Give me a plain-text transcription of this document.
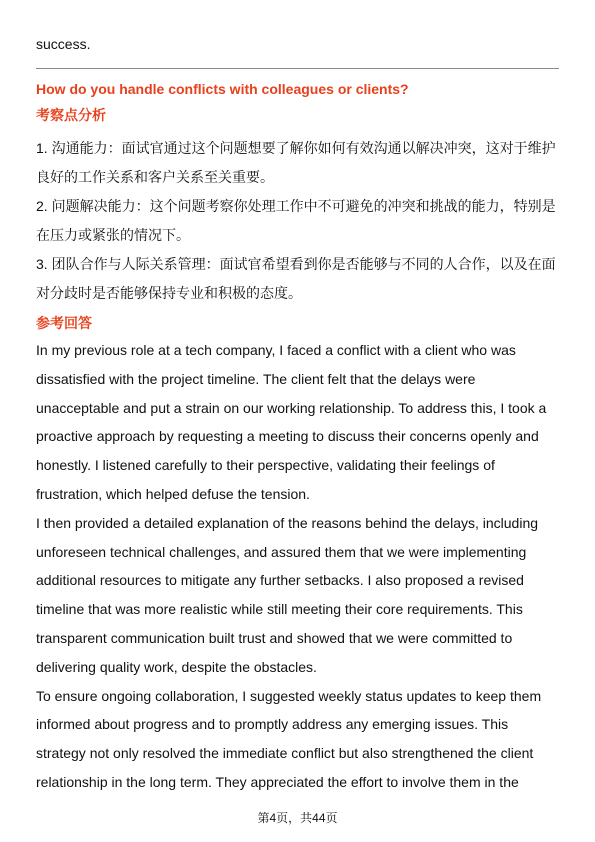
success.
How do you handle conflicts with colleagues or clients?
考察点分析

1. 沟通能力：面试官通过这个问题想要了解你如何有效沟通以解决冲突，这对于维护良好的工作关系和客户关系至关重要。

2. 问题解决能力：这个问题考察你处理工作中不可避免的冲突和挑战的能力，特别是在压力或紧张的情况下。

3. 团队合作与人际关系管理：面试官希望看到你是否能够与不同的人合作，以及在面对分歧时是否能够保持专业和积极的态度。

参考回答

In my previous role at a tech company, I faced a conflict with a client who was dissatisfied with the project timeline. The client felt that the delays were unacceptable and put a strain on our working relationship. To address this, I took a proactive approach by requesting a meeting to discuss their concerns openly and honestly. I listened carefully to their perspective, validating their feelings of frustration, which helped defuse the tension.

I then provided a detailed explanation of the reasons behind the delays, including unforeseen technical challenges, and assured them that we were implementing additional resources to mitigate any further setbacks. I also proposed a revised timeline that was more realistic while still meeting their core requirements. This transparent communication built trust and showed that we were committed to delivering quality work, despite the obstacles.

To ensure ongoing collaboration, I suggested weekly status updates to keep them informed about progress and to promptly address any emerging issues. This strategy not only resolved the immediate conflict but also strengthened the client relationship in the long term. They appreciated the effort to involve them in the

第4页，共44页
